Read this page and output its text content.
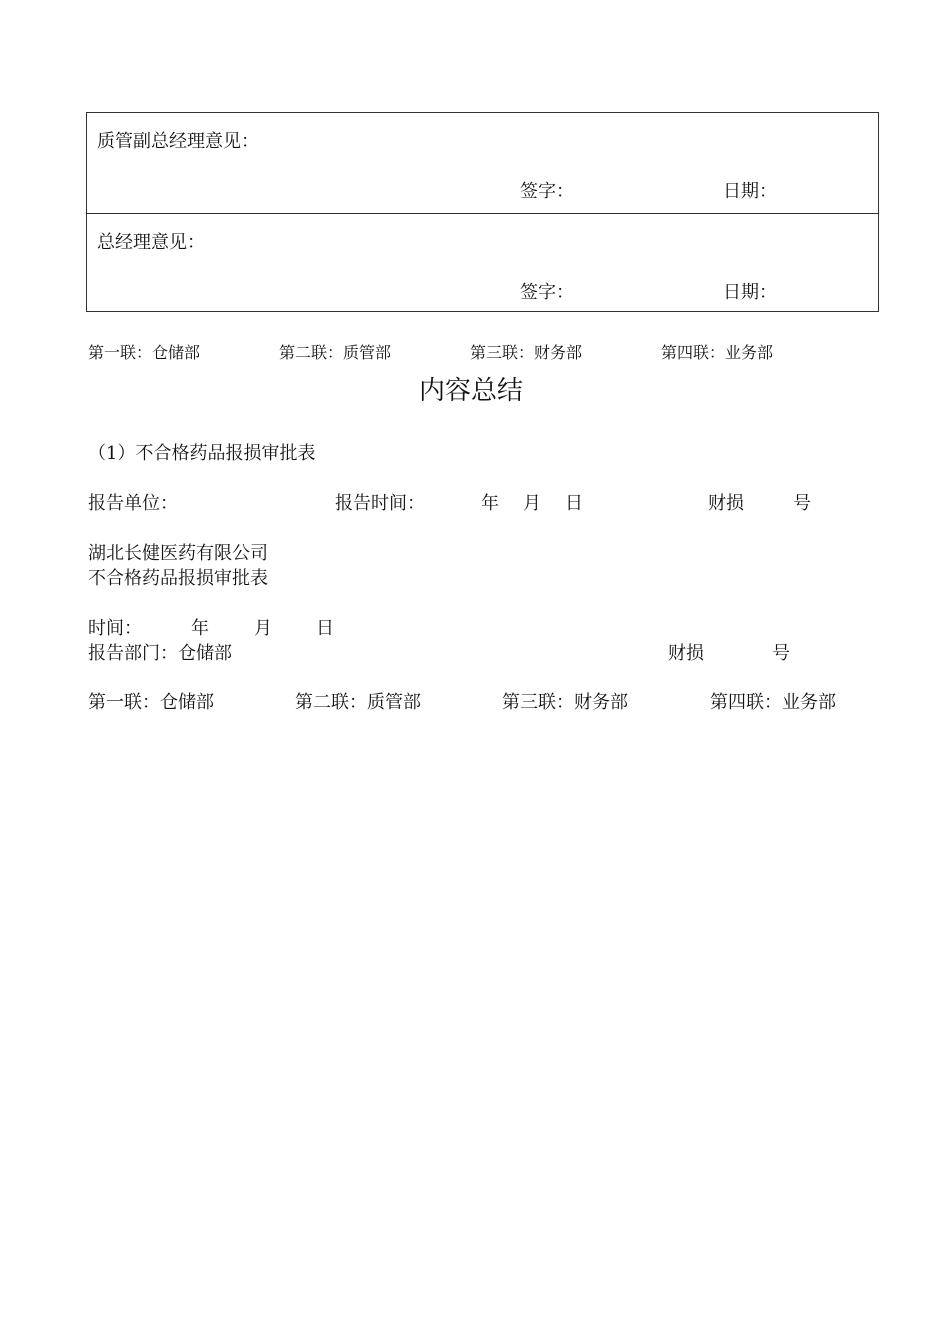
质管副总经理意见：
签字：	日期：
总经理意见：
签字：	日期：
第一联：仓储部	第二联：质管部	第三联：财务部	第四联：业务部
内容总结
（1）不合格药品报损审批表
报告单位：	报告时间：	年 月 日	财损	号
湖北长健医药有限公司
不合格药品报损审批表
时间：	年	月 日
报告部门：仓储部	财损	号
第一联：仓储部	第二联：质管部	第三联：财务部	第四联：业务部
